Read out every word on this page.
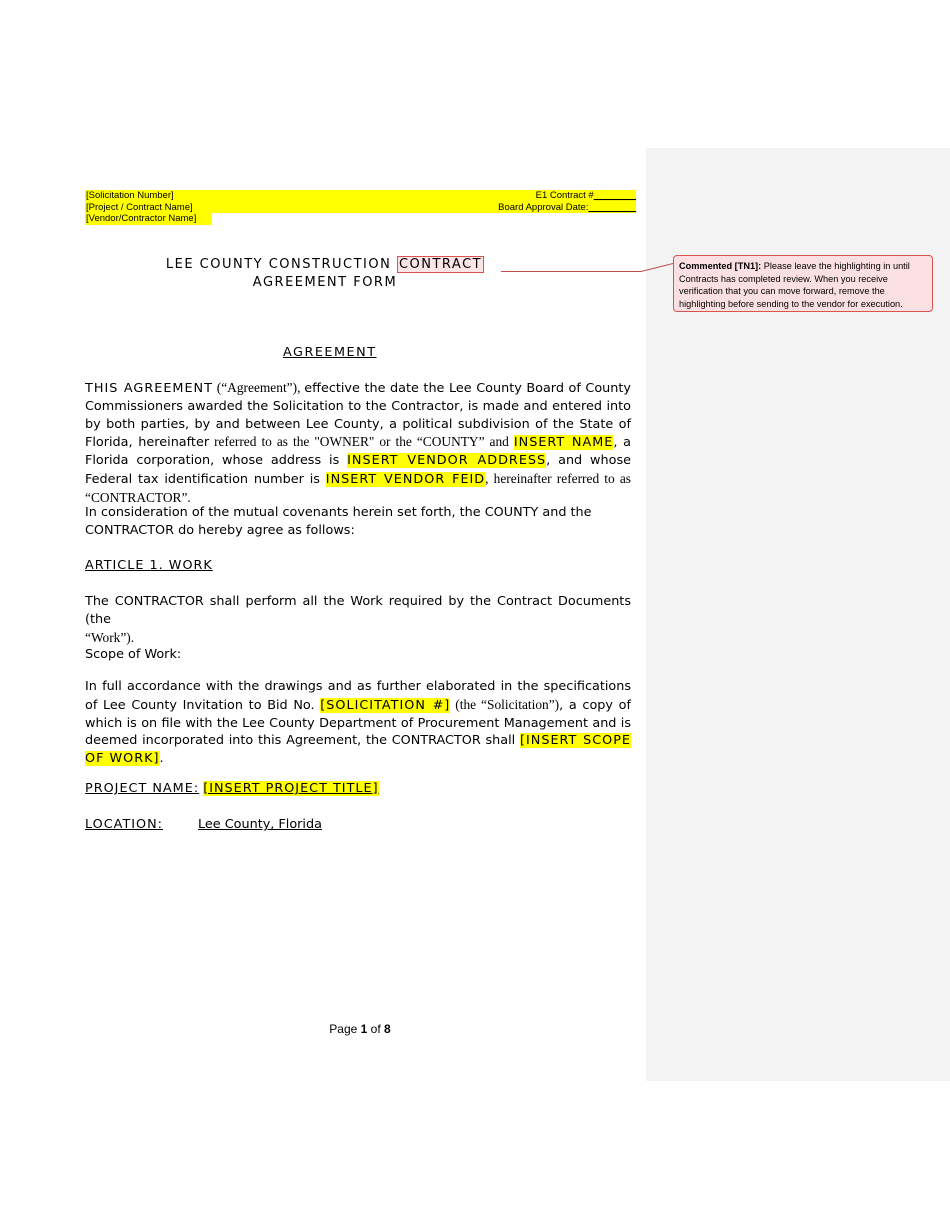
[Solicitation Number]	E1 Contract #________
[Project / Contract Name]	Board Approval Date:_________
[Vendor/Contractor Name]
LEE COUNTY CONSTRUCTION CONTRACT
AGREEMENT FORM
Commented [TN1]: Please leave the highlighting in until Contracts has completed review. When you receive verification that you can move forward, remove the highlighting before sending to the vendor for execution.
AGREEMENT
THIS AGREEMENT (“Agreement”), effective the date the Lee County Board of County Commissioners awarded the Solicitation to the Contractor, is made and entered into by both parties, by and between Lee County, a political subdivision of the State of Florida, hereinafter referred to as the "OWNER" or the “COUNTY” and INSERT NAME, a Florida corporation, whose address is INSERT VENDOR ADDRESS, and whose Federal tax identification number is INSERT VENDOR FEID, hereinafter referred to as “CONTRACTOR”.
In consideration of the mutual covenants herein set forth, the COUNTY and the CONTRACTOR do hereby agree as follows:
ARTICLE 1. WORK
The CONTRACTOR shall perform all the Work required by the Contract Documents (the
“Work”).
Scope of Work:
In full accordance with the drawings and as further elaborated in the specifications of Lee County Invitation to Bid No. [SOLICITATION #] (the “Solicitation”), a copy of which is on file with the Lee County Department of Procurement Management and is deemed incorporated into this Agreement, the CONTRACTOR shall [INSERT SCOPE OF WORK].
PROJECT NAME: [INSERT PROJECT TITLE]
LOCATION:	Lee County, Florida
Page 1 of 8
